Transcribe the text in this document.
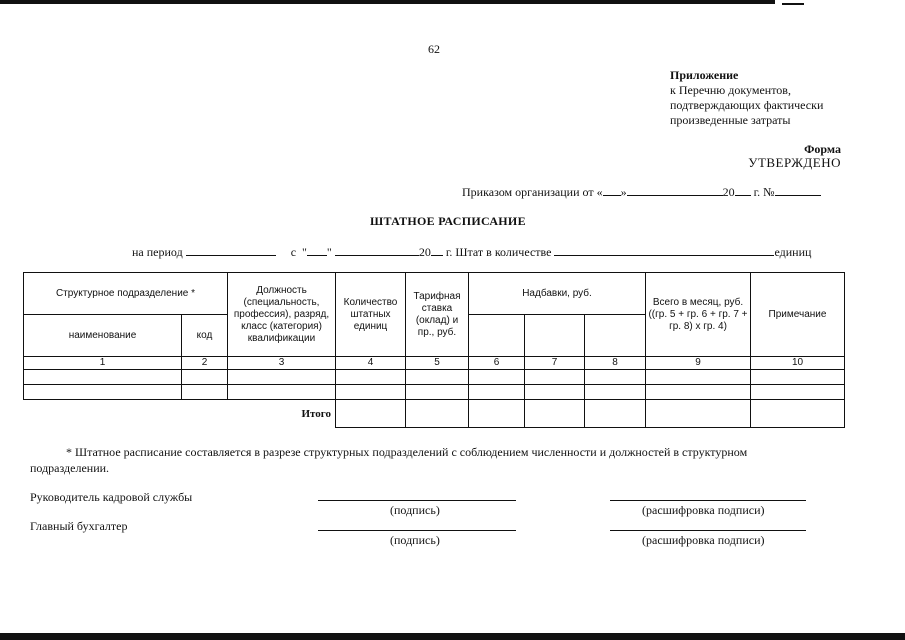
62
Приложение
к Перечню документов,
подтверждающих фактически
произведенные затраты
Форма
УТВЕРЖДЕНО
Приказом организации от « »	20 г. №
ШТАТНОЕ РАСПИСАНИЕ
на период	с " "	20 г. Штат в количестве	единиц
Структурное подразделение *		Должность (специальность, профессия), разряд, класс (категория) квалификации	Количество штатных единиц	Тарифная ставка (оклад) и пр., руб.	Надбавки, руб.			Всего в месяц, руб. ((гр. 5 + гр. 6 + гр. 7 + гр. 8) х гр. 4)	Примечание
наименование	код								
1	2	3	4	5	6	7	8	9	10

Итого									
* Штатное расписание составляется в разрезе структурных подразделений с соблюдением численности и должностей в структурном подразделении.
Руководитель кадровой службы
(подпись)	(расшифровка подписи)
Главный бухгалтер
(подпись)	(расшифровка подписи)
